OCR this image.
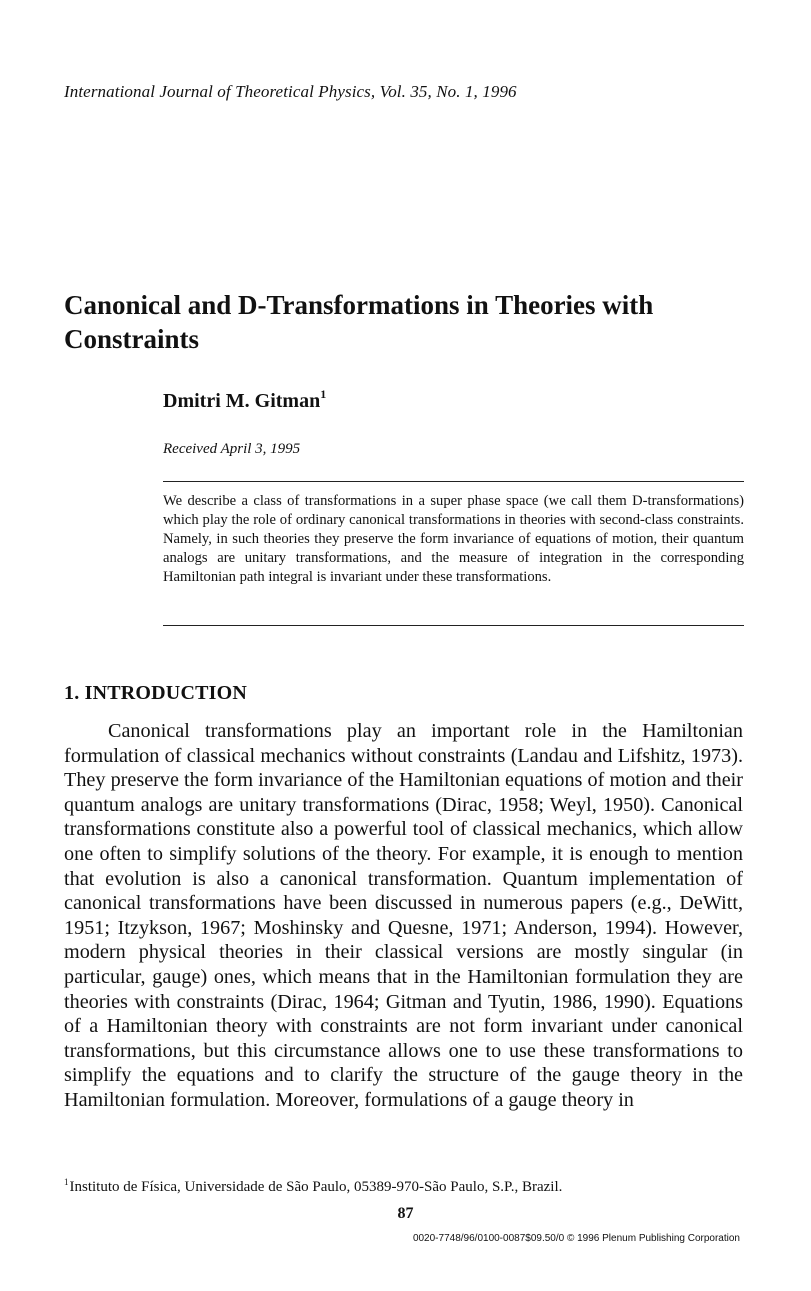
International Journal of Theoretical Physics, Vol. 35, No. 1, 1996
Canonical and D-Transformations in Theories with Constraints
Dmitri M. Gitman$^1$
Received April 3, 1995

We describe a class of transformations in a super phase space (we call them D-transformations) which play the role of ordinary canonical transformations in theories with second-class constraints. Namely, in such theories they preserve the form invariance of equations of motion, their quantum analogs are unitary transformations, and the measure of integration in the corresponding Hamiltonian path integral is invariant under these transformations.

1. INTRODUCTION

Canonical transformations play an important role in the Hamiltonian formulation of classical mechanics without constraints (Landau and Lifshitz, 1973). They preserve the form invariance of the Hamiltonian equations of motion and their quantum analogs are unitary transformations (Dirac, 1958; Weyl, 1950). Canonical transformations constitute also a powerful tool of classical mechanics, which allow one often to simplify solutions of the theory. For example, it is enough to mention that evolution is also a canonical transformation. Quantum implementation of canonical transformations have been discussed in numerous papers (e.g., DeWitt, 1951; Itzykson, 1967; Moshinsky and Quesne, 1971; Anderson, 1994). However, modern physical theories in their classical versions are mostly singular (in particular, gauge) ones, which means that in the Hamiltonian formulation they are theories with constraints (Dirac, 1964; Gitman and Tyutin, 1986, 1990). Equations of a Hamiltonian theory with constraints are not form invariant under canonical transformations, but this circumstance allows one to use these transformations to simplify the equations and to clarify the structure of the gauge theory in the Hamiltonian formulation. Moreover, formulations of a gauge theory in

$^1$Instituto de Física, Universidade de São Paulo, 05389-970-São Paulo, S.P., Brazil.
87
0020-7748/96/0100-0087$09.50/0 © 1996 Plenum Publishing Corporation
